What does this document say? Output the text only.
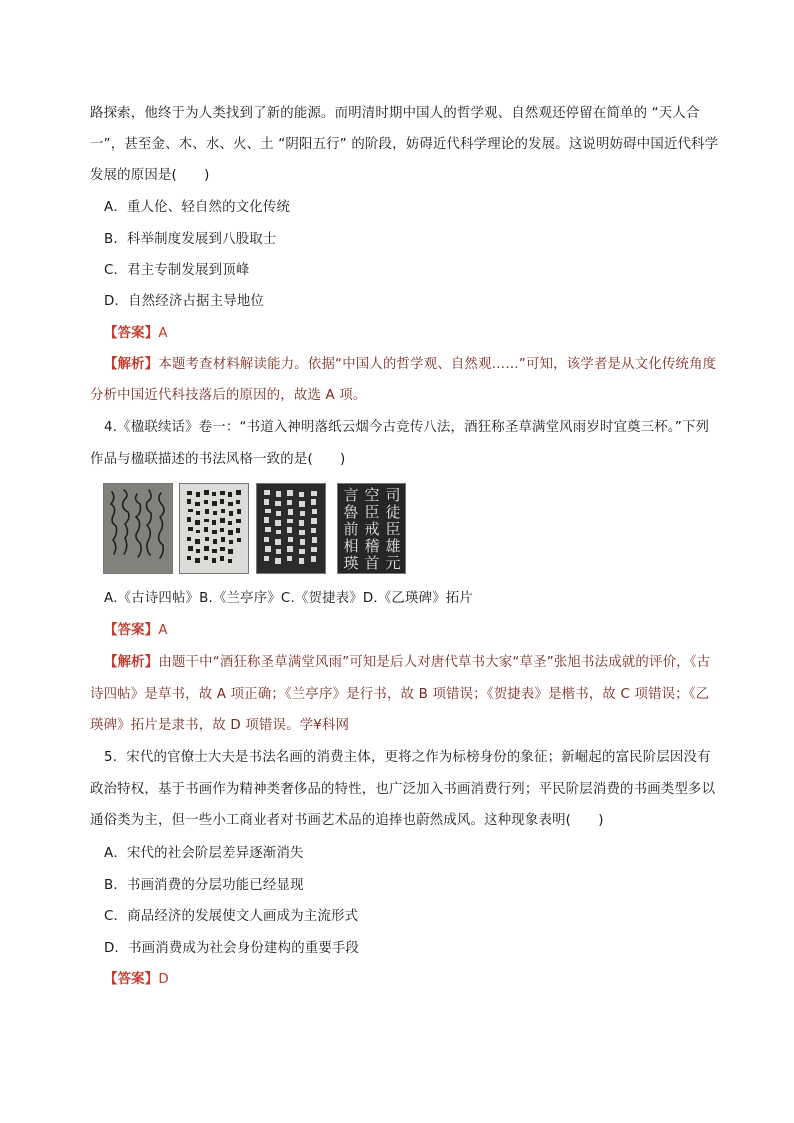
路探索，他终于为人类找到了新的能源。而明清时期中国人的哲学观、自然观还停留在简单的 “天人合
一”，甚至金、木、水、火、土 “阴阳五行” 的阶段，妨碍近代科学理论的发展。这说明妨碍中国近代科学
发展的原因是(　　)
A．重人伦、轻自然的文化传统
B．科举制度发展到八股取士
C．君主专制发展到顶峰
D．自然经济占据主导地位
【答案】A
【解析】本题考查材料解读能力。依据“中国人的哲学观、自然观……”可知，该学者是从文化传统角度
分析中国近代科技落后的原因的，故选 A 项。
4.《楹联续话》卷一：“书道入神明落纸云烟今古竞传八法，酒狂称圣草满堂风雨岁时宜奠三杯。”下列
作品与楹联描述的书法风格一致的是(　　)
司
徒
臣
雄
元
空
臣
戒
稽
首
言
魯
前
相
瑛
A.《古诗四帖》B.《兰亭序》C.《贺捷表》D.《乙瑛碑》拓片
【答案】A
【解析】由题干中“酒狂称圣草满堂风雨”可知是后人对唐代草书大家“草圣”张旭书法成就的评价，《古
诗四帖》是草书，故 A 项正确；《兰亭序》是行书，故 B 项错误；《贺捷表》是楷书，故 C 项错误；《乙
瑛碑》拓片是隶书，故 D 项错误。学¥科网
5．宋代的官僚士大夫是书法名画的消费主体，更将之作为标榜身份的象征；新崛起的富民阶层因没有
政治特权，基于书画作为精神类奢侈品的特性，也广泛加入书画消费行列；平民阶层消费的书画类型多以
通俗类为主，但一些小工商业者对书画艺术品的追捧也蔚然成风。这种现象表明(　　)
A．宋代的社会阶层差异逐渐消失
B．书画消费的分层功能已经显现
C．商品经济的发展使文人画成为主流形式
D．书画消费成为社会身份建构的重要手段
【答案】D
